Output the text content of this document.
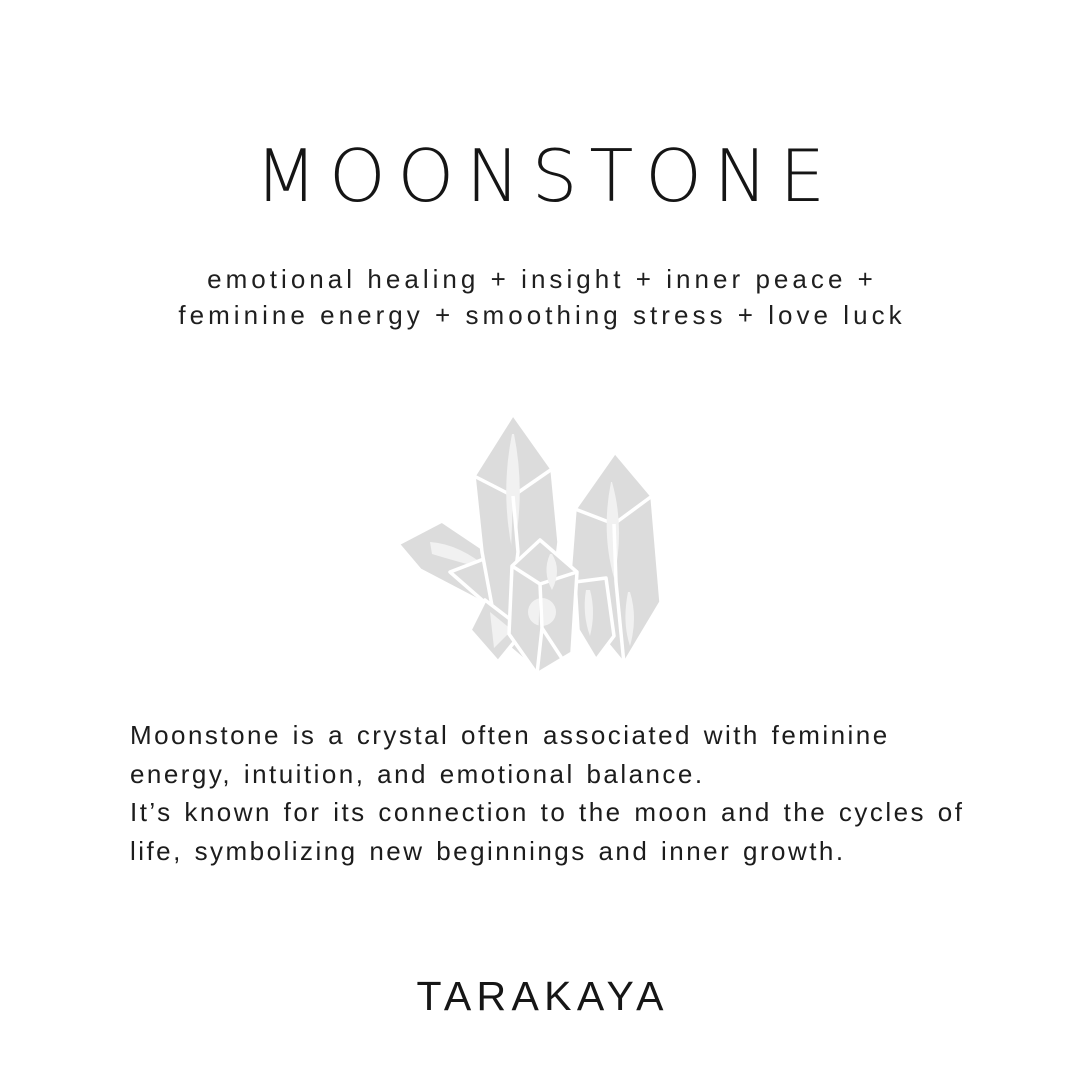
MOONSTONE
emotional healing + insight + inner peace +
feminine energy + smoothing stress + love luck
Moonstone is a crystal often associated with feminine
energy, intuition, and emotional balance.
It’s known for its connection to the moon and the cycles of
life, symbolizing new beginnings and inner growth.
TARAKAYA
